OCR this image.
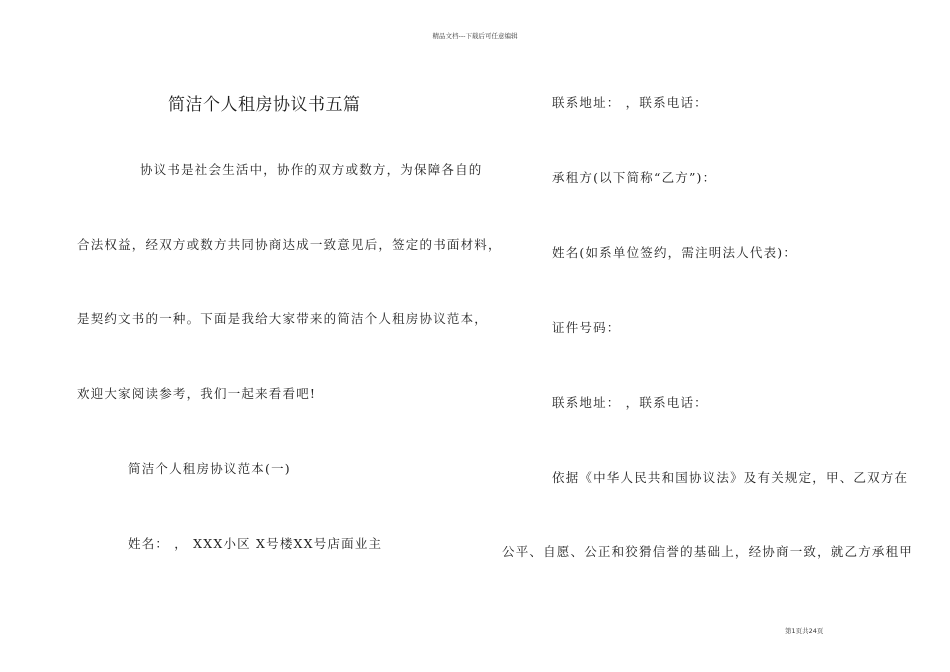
精品文档---下载后可任意编辑
简洁个人租房协议书五篇
协议书是社会生活中，协作的双方或数方，为保障各自的
合法权益，经双方或数方共同协商达成一致意见后，签定的书面材料，
是契约文书的一种。下面是我给大家带来的简洁个人租房协议范本，
欢迎大家阅读参考，我们一起来看看吧!
简洁个人租房协议范本(一)
姓名： ， XXX小区 X号楼XX号店面业主
联系地址： ，联系电话：
承租方(以下简称“乙方”)：
姓名(如系单位签约，需注明法人代表)：
证件号码：
联系地址： ，联系电话：
依据《中华人民共和国协议法》及有关规定，甲、乙双方在
公平、自愿、公正和狡猾信誉的基础上，经协商一致，就乙方承租甲
第1页共24页
